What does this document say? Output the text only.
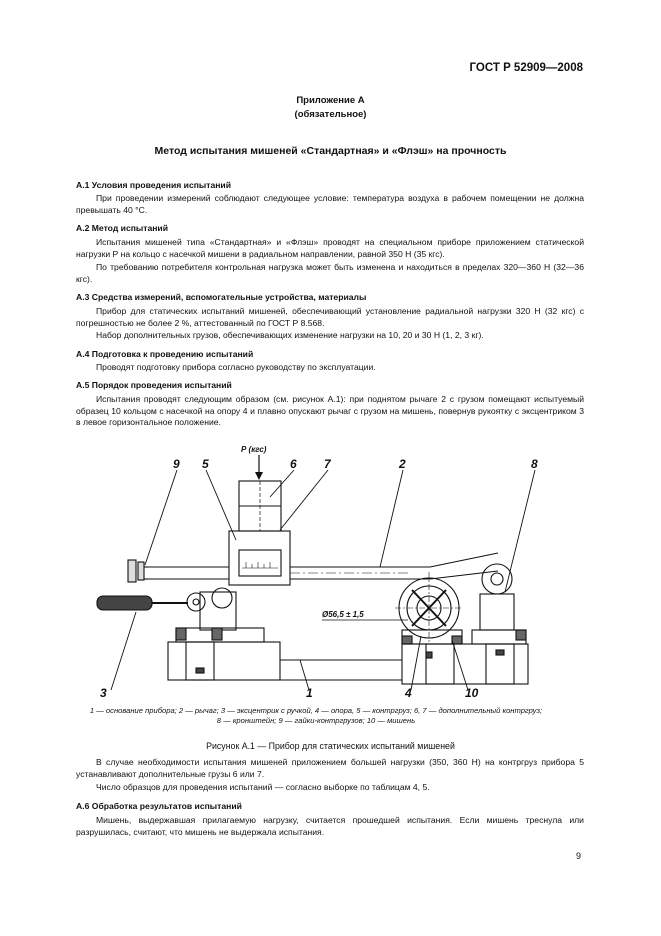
ГОСТ Р 52909—2008
Приложение А
(обязательное)
Метод испытания мишеней «Стандартная» и «Флэш» на прочность
А.1 Условия проведения испытаний
При проведении измерений соблюдают следующее условие: температура воздуха в рабочем помещении не должна превышать 40 °С.
А.2 Метод испытаний
Испытания мишеней типа «Стандартная» и «Флэш» проводят на специальном приборе приложением статической нагрузки Р на кольцо с насечкой мишени в радиальном направлении, равной 350 Н (35 кгс).
По требованию потребителя контрольная нагрузка может быть изменена и находиться в пределах 320—360 Н (32—36 кгс).
А.3 Средства измерений, вспомогательные устройства, материалы
Прибор для статических испытаний мишеней, обеспечивающий установление радиальной нагрузки 320 Н (32 кгс) с погрешностью не более 2 %, аттестованный по ГОСТ Р 8.568.
Набор дополнительных грузов, обеспечивающих изменение нагрузки на 10, 20 и 30 Н (1, 2, 3 кг).
А.4 Подготовка к проведению испытаний
Проводят подготовку прибора согласно руководству по эксплуатации.
А.5 Порядок проведения испытаний
Испытания проводят следующим образом (см. рисунок А.1): при поднятом рычаге 2 с грузом помещают испытуемый образец 10 кольцом с насечкой на опору 4 и плавно опускают рычаг с грузом на мишень, повернув рукоятку с эксцентриком 3 в левое горизонтальное положение.
Р (кгс)
9 5	6 7	2	8
3	1	4	10
Ø56,5 ± 1,5
1 — основание прибора; 2 — рычаг; 3 — эксцентрик с ручкой, 4 — опора, 5 — контргруз; 6, 7 — дополнительный контргруз;
8 — кронштейн; 9 — гайки-контргрузов; 10 — мишень
Рисунок А.1 — Прибор для статических испытаний мишеней
В случае необходимости испытания мишеней приложением большей нагрузки (350, 360 Н) на контргруз прибора 5 устанавливают дополнительные грузы 6 или 7.
Число образцов для проведения испытаний — согласно выборке по таблицам 4, 5.
А.6 Обработка результатов испытаний
Мишень, выдержавшая прилагаемую нагрузку, считается прошедшей испытания. Если мишень треснула или разрушилась, считают, что мишень не выдержала испытания.
9
